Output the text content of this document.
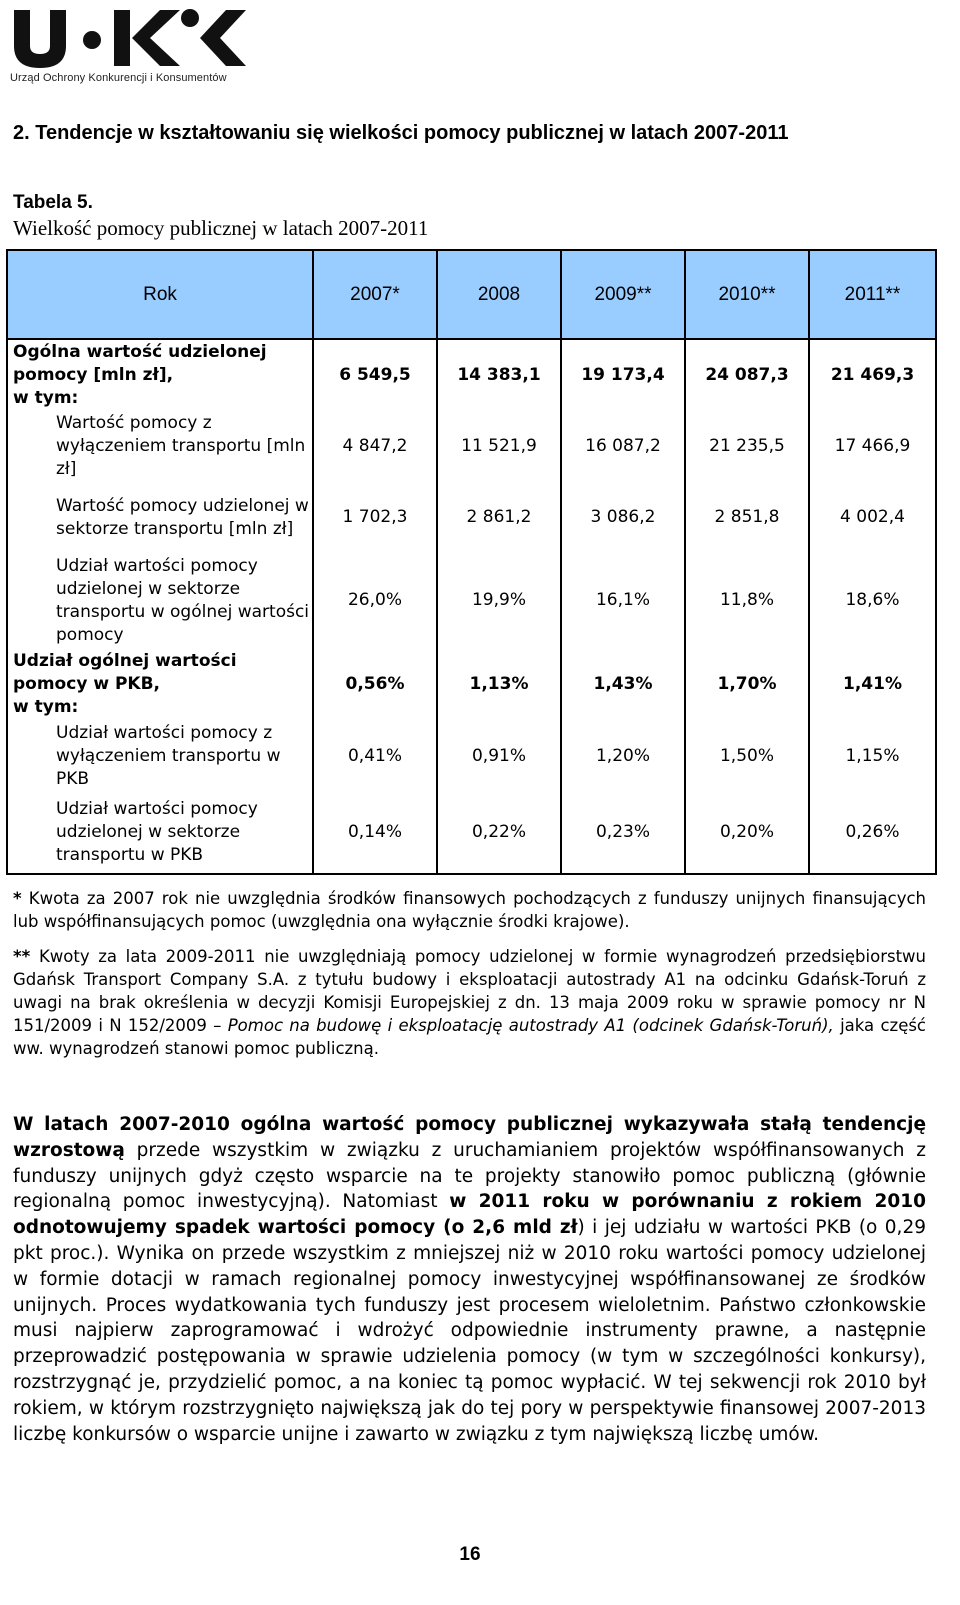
Urząd Ochrony Konkurencji i Konsumentów
2. Tendencje w kształtowaniu się wielkości pomocy publicznej w latach 2007-2011
Tabela 5.
Wielkość pomocy publicznej w latach 2007-2011
Rok	2007*	2008	2009**	2010**	2011**
Ogólna wartość udzielonej pomocy [mln zł],
w tym:	6 549,5	14 383,1	19 173,4	24 087,3	21 469,3
Wartość pomocy z wyłączeniem transportu [mln zł]	4 847,2	11 521,9	16 087,2	21 235,5	17 466,9
Wartość pomocy udzielonej w sektorze transportu [mln zł]	1 702,3	2 861,2	3 086,2	2 851,8	4 002,4
Udział wartości pomocy udzielonej w sektorze transportu w ogólnej wartości pomocy	26,0%	19,9%	16,1%	11,8%	18,6%
Udział ogólnej wartości pomocy w PKB,
w tym:	0,56%	1,13%	1,43%	1,70%	1,41%
Udział wartości pomocy z wyłączeniem transportu w PKB	0,41%	0,91%	1,20%	1,50%	1,15%
Udział wartości pomocy udzielonej w sektorze transportu w PKB	0,14%	0,22%	0,23%	0,20%	0,26%
* Kwota za 2007 rok nie uwzględnia środków finansowych pochodzących z funduszy unijnych finansujących lub współfinansujących pomoc (uwzględnia ona wyłącznie środki krajowe).
** Kwoty za lata 2009-2011 nie uwzględniają pomocy udzielonej w formie wynagrodzeń przedsiębiorstwu Gdańsk Transport Company S.A. z tytułu budowy i eksploatacji autostrady A1 na odcinku Gdańsk-Toruń z uwagi na brak określenia w decyzji Komisji Europejskiej z dn. 13 maja 2009 roku w sprawie pomocy nr N 151/2009 i N 152/2009 – Pomoc na budowę i eksploatację autostrady A1 (odcinek Gdańsk-Toruń), jaka część ww. wynagrodzeń stanowi pomoc publiczną.
W latach 2007-2010 ogólna wartość pomocy publicznej wykazywała stałą tendencję wzrostową przede wszystkim w związku z uruchamianiem projektów współfinansowanych z funduszy unijnych gdyż często wsparcie na te projekty stanowiło pomoc publiczną (głównie regionalną pomoc inwestycyjną). Natomiast w 2011 roku w porównaniu z rokiem 2010 odnotowujemy spadek wartości pomocy (o 2,6 mld zł) i jej udziału w wartości PKB (o 0,29 pkt proc.). Wynika on przede wszystkim z mniejszej niż w 2010 roku wartości pomocy udzielonej w formie dotacji w ramach regionalnej pomocy inwestycyjnej współfinansowanej ze środków unijnych. Proces wydatkowania tych funduszy jest procesem wieloletnim. Państwo członkowskie musi najpierw zaprogramować i wdrożyć odpowiednie instrumenty prawne, a następnie przeprowadzić postępowania w sprawie udzielenia pomocy (w tym w szczególności konkursy), rozstrzygnąć je, przydzielić pomoc, a na koniec tą pomoc wypłacić. W tej sekwencji rok 2010 był rokiem, w którym rozstrzygnięto największą jak do tej pory w perspektywie finansowej 2007-2013 liczbę konkursów o wsparcie unijne i zawarto w związku z tym największą liczbę umów.
16
